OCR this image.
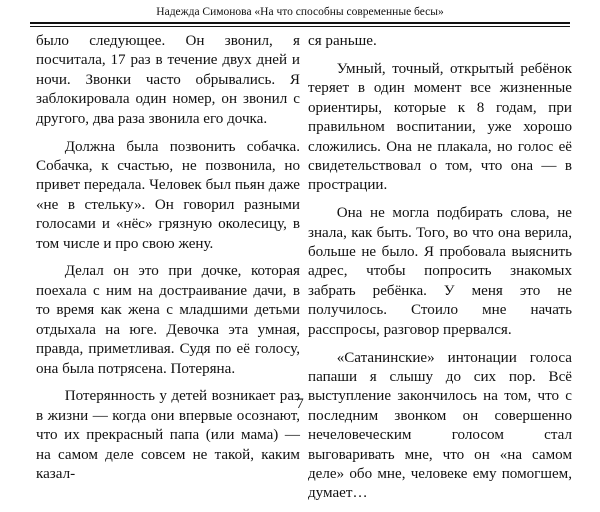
Надежда Симонова «На что способны современные бесы»

было следующее. Он звонил, я посчитала, 17 раз в течение двух дней и ночи. Звонки часто обрывались. Я заблокировала один номер, он звонил с другого, два раза звонила его дочка.

Должна была позвонить собачка. Собачка, к счастью, не позвонила, но привет передала. Человек был пьян даже «не в стельку». Он говорил разными голосами и «нёс» грязную околесицу, в том числе и про свою жену.

Делал он это при дочке, которая поехала с ним на достраивание дачи, в то время как жена с младшими детьми отдыхала на юге. Девочка эта умная, правда, приметливая. Судя по её голосу, она была потрясена. Потеряна.

Потерянность у детей возникает раз в жизни — когда они впервые осознают, что их прекрасный папа (или мама) — на самом деле совсем не такой, каким казал-

ся раньше.

Умный, точный, открытый ребёнок теряет в один момент все жизненные ориентиры, которые к 8 годам, при правильном воспитании, уже хорошо сложились. Она не плакала, но голос её свидетельствовал о том, что она — в прострации.

Она не могла подбирать слова, не знала, как быть. Того, во что она верила, больше не было. Я пробовала выяснить адрес, чтобы попросить знакомых забрать ребёнка. У меня это не получилось. Стоило мне начать расспросы, разговор прервался.

«Сатанинские» интонации голоса папаши я слышу до сих пор. Всё выступление закончилось на том, что с последним звонком он совершенно нечеловеческим голосом стал выговаривать мне, что он «на самом деле» обо мне, человеке ему помогшем, думает…

7
